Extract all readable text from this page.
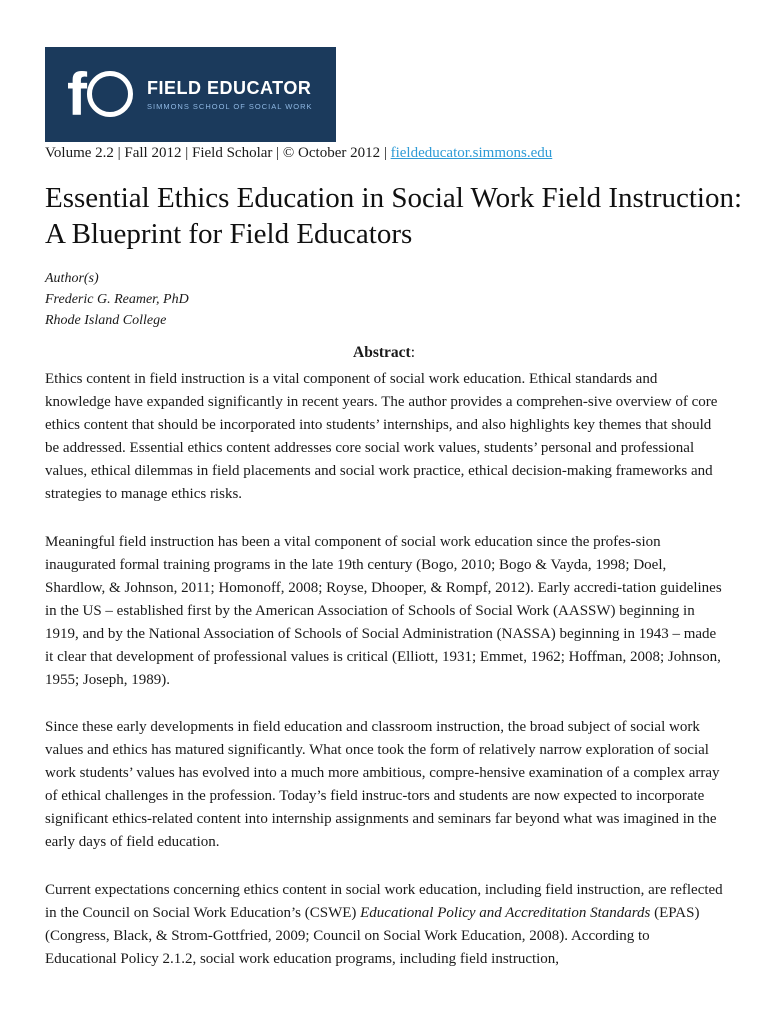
f	FIELD EDUCATOR
SIMMONS SCHOOL OF SOCIAL WORK
Volume 2.2 | Fall 2012 | Field Scholar | © October 2012 | fieldeducator.simmons.edu
Essential Ethics Education in Social Work Field Instruction: A Blueprint for Field Educators
Author(s)
Frederic G. Reamer, PhD
Rhode Island College
Abstract:

Ethics content in field instruction is a vital component of social work education. Ethical standards and knowledge have expanded significantly in recent years. The author provides a comprehen-sive overview of core ethics content that should be incorporated into students’ internships, and also highlights key themes that should be addressed. Essential ethics content addresses core social work values, students’ personal and professional values, ethical dilemmas in field placements and social work practice, ethical decision-making frameworks and strategies to manage ethics risks.

Meaningful field instruction has been a vital component of social work education since the profes-sion inaugurated formal training programs in the late 19th century (Bogo, 2010; Bogo & Vayda, 1998; Doel, Shardlow, & Johnson, 2011; Homonoff, 2008; Royse, Dhooper, & Rompf, 2012). Early accredi-tation guidelines in the US – established first by the American Association of Schools of Social Work (AASSW) beginning in 1919, and by the National Association of Schools of Social Administration (NASSA) beginning in 1943 – made it clear that development of professional values is critical (Elliott, 1931; Emmet, 1962; Hoffman, 2008; Johnson, 1955; Joseph, 1989).

Since these early developments in field education and classroom instruction, the broad subject of social work values and ethics has matured significantly. What once took the form of relatively narrow exploration of social work students’ values has evolved into a much more ambitious, compre-hensive examination of a complex array of ethical challenges in the profession. Today’s field instruc-tors and students are now expected to incorporate significant ethics-related content into internship assignments and seminars far beyond what was imagined in the early days of field education.

Current expectations concerning ethics content in social work education, including field instruction, are reflected in the Council on Social Work Education’s (CSWE) Educational Policy and Accreditation Standards (EPAS) (Congress, Black, & Strom-Gottfried, 2009; Council on Social Work Education, 2008). According to Educational Policy 2.1.2, social work education programs, including field instruction,
